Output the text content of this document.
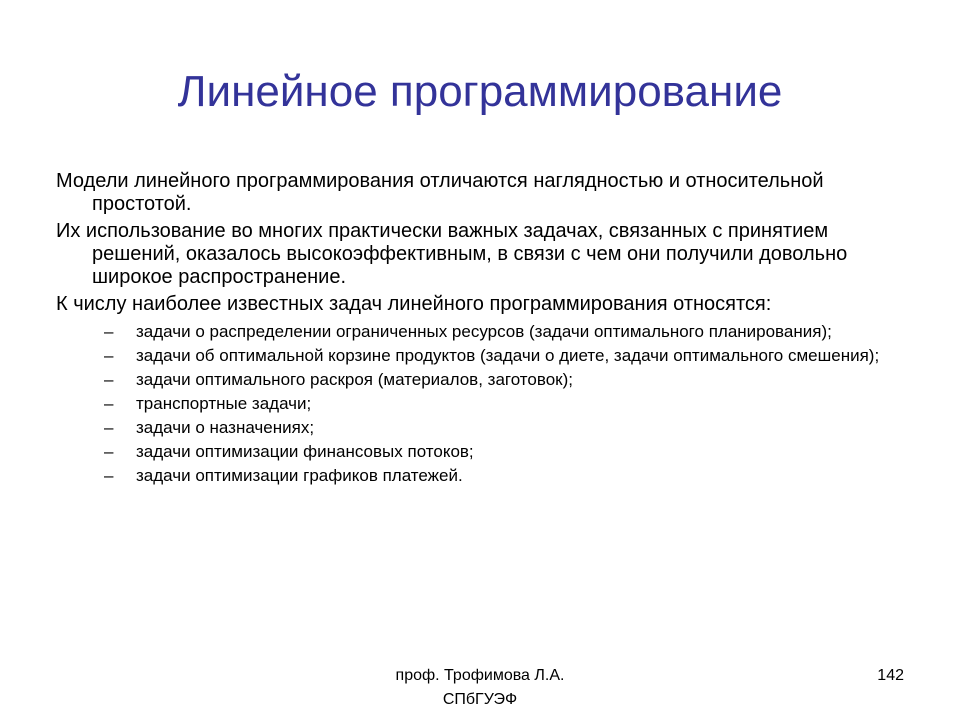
Линейное программирование

Модели линейного программирования отличаются наглядностью и относительной простотой.

Их использование во многих практически важных задачах, связанных с принятием решений, оказалось высокоэффективным, в связи с чем они получили довольно широкое распространение.

К числу наиболее известных задач линейного программирования относятся:

– задачи о распределении ограниченных ресурсов (задачи оптимального планирования);
– задачи об оптимальной корзине продуктов (задачи о диете, задачи оптимального смешения);
– задачи оптимального раскроя (материалов, заготовок);
– транспортные задачи;
– задачи о назначениях;
– задачи оптимизации финансовых потоков;
– задачи оптимизации графиков платежей.
проф. Трофимова Л.А.
СПбГУЭФ
142
